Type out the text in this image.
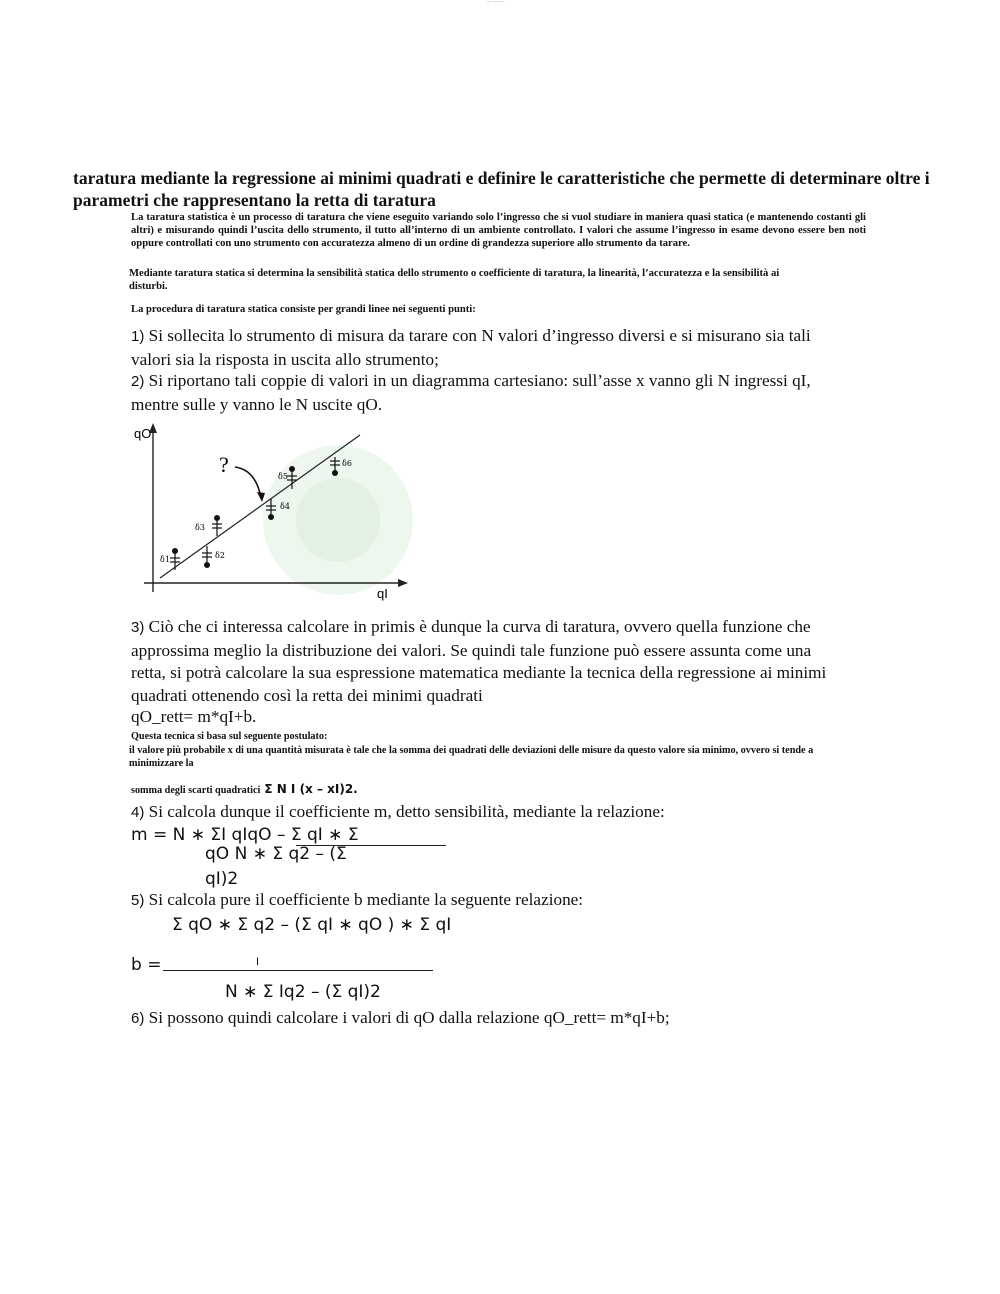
— — —
taratura mediante la regressione ai minimi quadrati e definire le caratteristiche che permette di determinare oltre i parametri che rappresentano la retta di taratura
La taratura statistica è un processo di taratura che viene eseguito variando solo l’ingresso che si vuol studiare in maniera quasi statica (e mantenendo costanti gli altri) e misurando quindi l’uscita dello strumento, il tutto all’interno di un ambiente controllato. I valori che assume l’ingresso in esame devono essere ben noti oppure controllati con uno strumento con accuratezza almeno di un ordine di grandezza superiore allo strumento da tarare.
Mediante taratura statica si determina la sensibilità statica dello strumento o coefficiente di taratura, la linearità, l’accuratezza e la sensibilità ai disturbi.
La procedura di taratura statica consiste per grandi linee nei seguenti punti:
1) Si sollecita lo strumento di misura da tarare con N valori d’ingresso diversi e si misurano sia tali valori sia la risposta in uscita allo strumento;
2) Si riportano tali coppie di valori in un diagramma cartesiano: sull’asse x vanno gli N ingressi qI, mentre sulle y vanno le N uscite qO.
qO
qI
?
δ1	δ2
δ3
δ4
δ5
δ6
3) Ciò che ci interessa calcolare in primis è dunque la curva di taratura, ovvero quella funzione che approssima meglio la distribuzione dei valori. Se quindi tale funzione può essere assunta come una retta, si potrà calcolare la sua espressione matematica mediante la tecnica della regressione ai minimi quadrati ottenendo così la retta dei minimi quadrati
qO_rett= m*qI+b.
Questa tecnica si basa sul seguente postulato:
il valore più probabile x di una quantità misurata è tale che la somma dei quadrati delle deviazioni delle misure da questo valore sia minimo, ovvero si tende a minimizzare la
somma degli scarti quadratici Σ N I (x – xI)2.
4) Si calcola dunque il coefficiente m, detto sensibilità, mediante la relazione:
m = N ∗ ΣI qIqO – Σ qI ∗ Σ
qO N ∗ Σ q2 – (Σ
qI)2
5) Si calcola pure il coefficiente b mediante la seguente relazione:
Σ qO ∗ Σ q2 – (Σ qI ∗ qO ) ∗ Σ qI
b =	I
N ∗ Σ Iq2 – (Σ qI)2
6) Si possono quindi calcolare i valori di qO dalla relazione qO_rett= m*qI+b;
